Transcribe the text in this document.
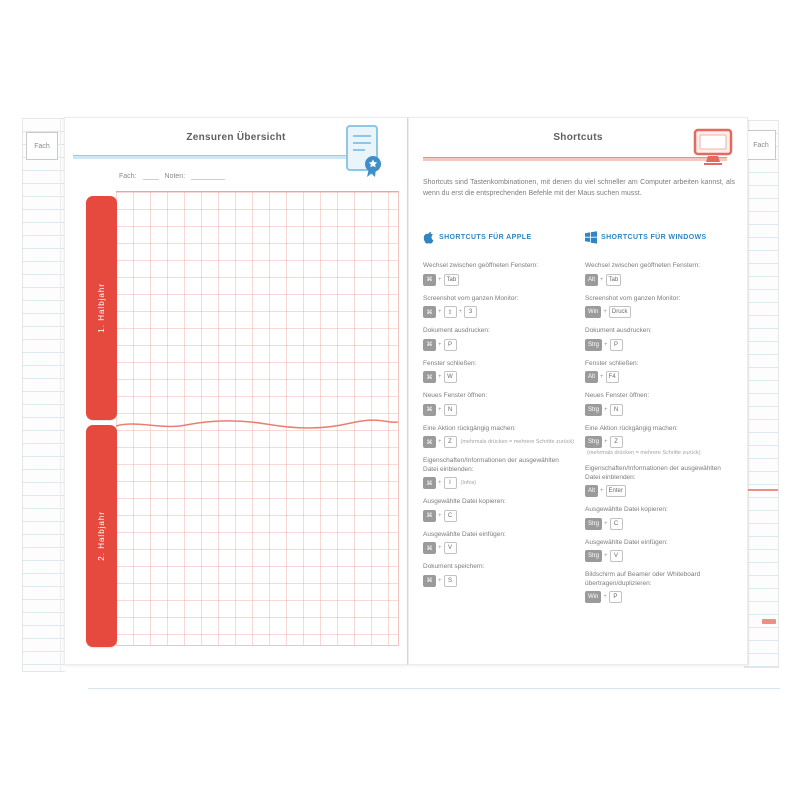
Fach	Fach
Zensuren Übersicht
Fach:	Noten:
1. Halbjahr
2. Halbjahr
Shortcuts
Shortcuts sind Tastenkombinationen, mit denen du viel schneller am Computer arbeiten kannst, als wenn du erst die entsprechenden Befehle mit der Maus suchen musst.
SHORTCUTS FÜR APPLE
Wechsel zwischen geöffneten Fenstern:
⌘ + Tab
Screenshot vom ganzen Monitor:
⌘ + ⇧ +	3
Dokument ausdrucken:
⌘ +	P
Fenster schließen:
⌘ + W
Neues Fenster öffnen:
⌘ +	N
Eine Aktion rückgängig machen:
⌘ +	Z	(mehrmals drücken = mehrere Schritte zurück)
Eigenschaften/Informationen der ausgewählten Datei einblenden:
⌘ +	I	(Infos)
Ausgewählte Datei kopieren:
⌘ +	C
Ausgewählte Datei einfügen:
⌘ +	V
Dokument speichern:
⌘ +	S
SHORTCUTS FÜR WINDOWS
Wechsel zwischen geöffneten Fenstern:
Alt + Tab
Screenshot vom ganzen Monitor:
Win + Druck
Dokument ausdrucken:
Strg +	P
Fenster schließen:
Alt + F4
Neues Fenster öffnen:
Strg +	N
Eine Aktion rückgängig machen:
Strg +	Z
(mehrmals drücken = mehrere Schritte zurück)
Eigenschaften/Informationen der ausgewählten Datei einblenden:
Alt + Enter
Ausgewählte Datei kopieren:
Strg +	C
Ausgewählte Datei einfügen:
Strg +	V
Bildschirm auf Beamer oder Whiteboard übertragen/duplizieren:
Win +	P
